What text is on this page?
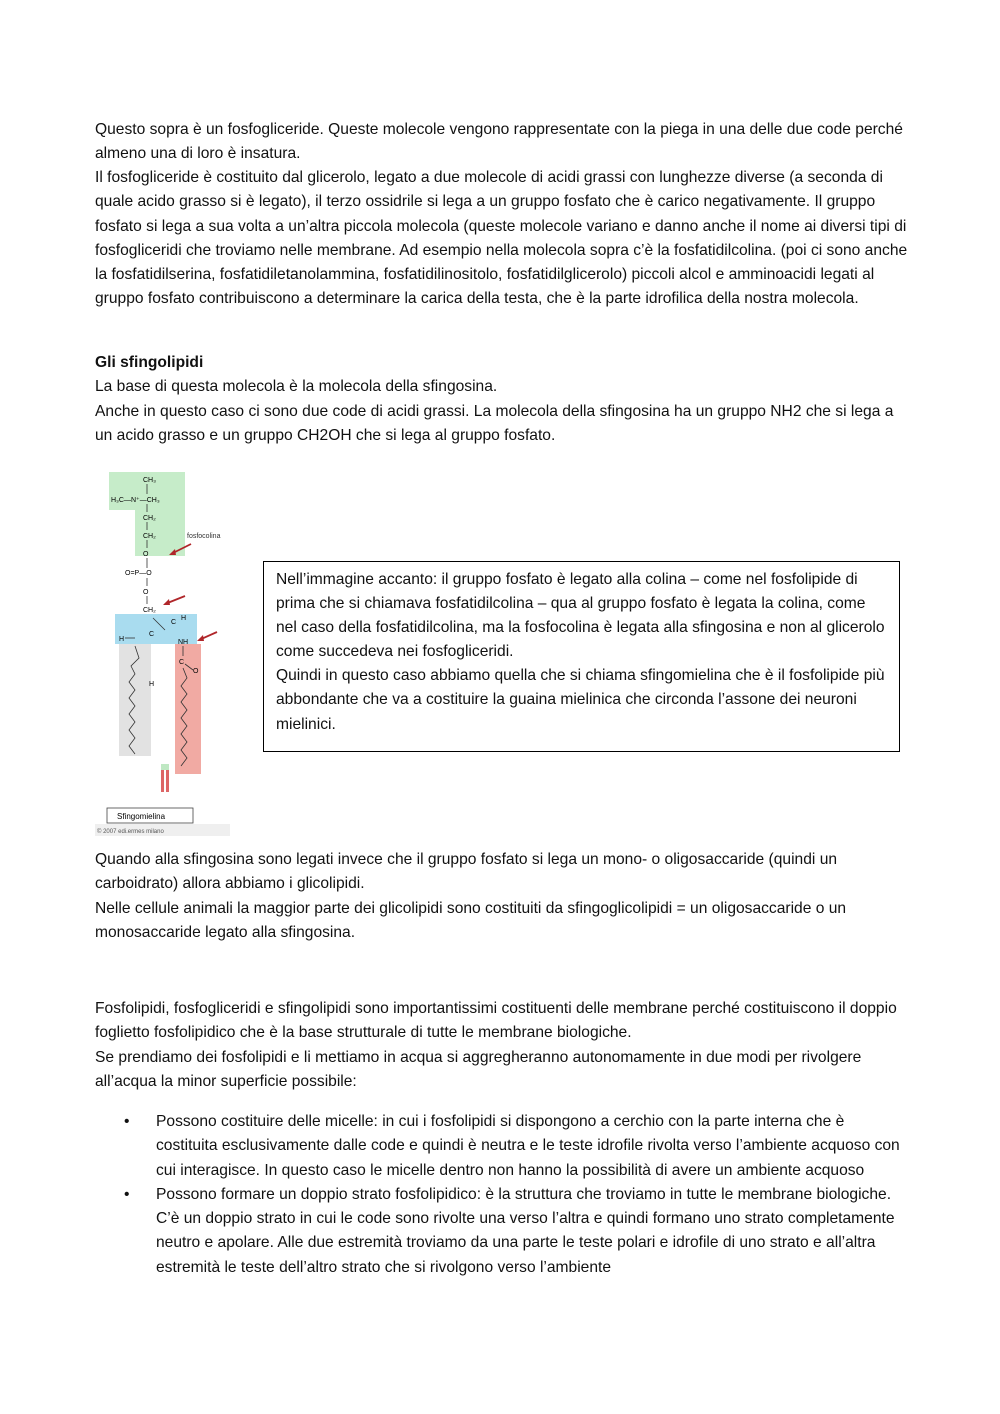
Questo sopra è un fosfogliceride. Queste molecole vengono rappresentate con la piega in una delle due code perché almeno una di loro è insatura.

Il fosfogliceride è costituito dal glicerolo, legato a due molecole di acidi grassi con lunghezze diverse (a seconda di quale acido grasso si è legato), il terzo ossidrile si lega a un gruppo fosfato che è carico negativamente. Il gruppo fosfato si lega a sua volta a un’altra piccola molecola (queste molecole variano e danno anche il nome ai diversi tipi di fosfogliceridi che troviamo nelle membrane. Ad esempio nella molecola sopra c’è la fosfatidilcolina. (poi ci sono anche la fosfatidilserina, fosfatidiletanolammina, fosfatidilinositolo, fosfatidilglicerolo) piccoli alcol e amminoacidi legati al gruppo fosfato contribuiscono a determinare la carica della testa, che è la parte idrofilica della nostra molecola.

Gli sfingolipidi

La base di questa molecola è la molecola della sfingosina.

Anche in questo caso ci sono due code di acidi grassi. La molecola della sfingosina ha un gruppo NH2 che si lega a un acido grasso e un gruppo CH2OH che si lega al gruppo fosfato.

CH₃
H₃C—N⁺—CH₃
CH₂
CH₂
O
O=P—O
O
CH₂
H
C
C
H
NH
C
O
H
fosfocolina
Sfingomielina
© 2007 edi.ermes milano

Nell’immagine accanto: il gruppo fosfato è legato alla colina – come nel fosfolipide di prima che si chiamava fosfatidilcolina – qua al gruppo fosfato è legata la colina, come nel caso della fosfatidilcolina, ma la fosfocolina è legata alla sfingosina e non al glicerolo come succedeva nei fosfogliceridi.

Quindi in questo caso abbiamo quella che si chiama sfingomielina che è il fosfolipide più abbondante che va a costituire la guaina mielinica che circonda l’assone dei neuroni mielinici.

Quando alla sfingosina sono legati invece che il gruppo fosfato si lega un mono- o oligosaccaride (quindi un carboidrato) allora abbiamo i glicolipidi.

Nelle cellule animali la maggior parte dei glicolipidi sono costituiti da sfingoglicolipidi = un oligosaccaride o un monosaccaride legato alla sfingosina.

Fosfolipidi, fosfogliceridi e sfingolipidi sono importantissimi costituenti delle membrane perché costituiscono il doppio foglietto fosfolipidico che è la base strutturale di tutte le membrane biologiche.

Se prendiamo dei fosfolipidi e li mettiamo in acqua si aggregheranno autonomamente in due modi per rivolgere all’acqua la minor superficie possibile:

• Possono costituire delle micelle: in cui i fosfolipidi si dispongono a cerchio con la parte interna che è costituita esclusivamente dalle code e quindi è neutra e le teste idrofile rivolta verso l’ambiente acquoso con cui interagisce. In questo caso le micelle dentro non hanno la possibilità di avere un ambiente acquoso
• Possono formare un doppio strato fosfolipidico: è la struttura che troviamo in tutte le membrane biologiche. C’è un doppio strato in cui le code sono rivolte una verso l’altra e quindi formano uno strato completamente neutro e apolare. Alle due estremità troviamo da una parte le teste polari e idrofile di uno strato e all’altra estremità le teste dell’altro strato che si rivolgono verso l’ambiente
